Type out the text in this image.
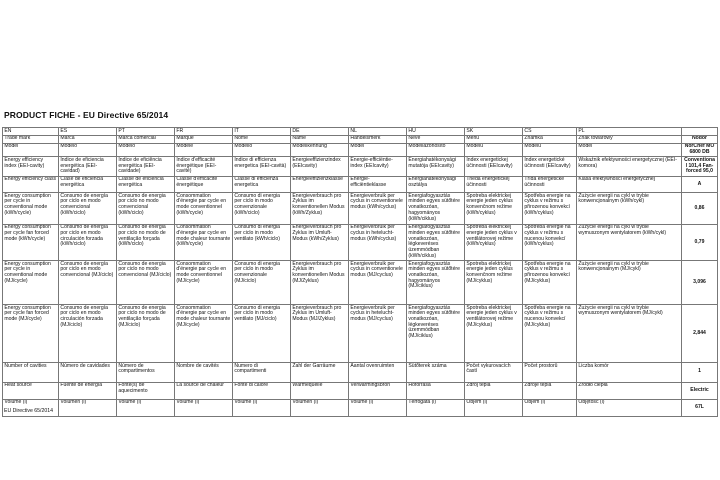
PRODUCT FICHE - EU Directive 65/2014
EN	ES	PT	FR	IT	DE	NL	HU	SK	CS	PL	
Trade mark	Marca	Marca comercial	Marque	Nome	Name	Handelsmerk	Nevé	Menú	Známka	Znak towarowy	Nodor
Model	Modelo	Modelo	Modèle	Modello	Modellkennung	Model	Modellazonosító	Modelu	Modelu	Model	NorChef MO 6800 DB
Energy efficiency index (EEI-cavity)	Índice de eficiencia energética (EEI-cavidad)	Índice de eficiência energética (EEI-cavidade)	Indice d'efficacité énergétique (EEI-cavité)	Indice di efficienza energetica (EEI-cavità)	Energieeffizienzindex (EEIcavity)	Energie-efficiëntie-index (EEIcavity)	Energiahatékonysági mutatója (EEIcavity)	Index energetickej účinnosti (EEIcavity)	Index energetické účinnosti (EEIcavity)	Wskaźnik efektywności energetycznej (EEI-komora)	Conventional 101,4 Fan-forced 95,0
Energy efficiency class	Clase de eficiencia energética	Classe de eficiência energética	Classe d'efficacité énergétique	Classe di efficienza energetica	Energieeffizienzklasse	Energie-efficiëntieklasse	Energiahatékonysági osztálya	Trieda energetickej účinnosti	Třída energetické účinnosti	Klasa efektywności energetycznej	A
Energy consumption per cycle in conventional mode (kWh/cycle)	Consumo de energía por ciclo en modo convencional (kWh/ciclo)	Consumo de energia por ciclo no modo convencional (kWh/ciclo)	Consommation d'énergie par cycle en mode conventionnel (kWh/cycle)	Consumo di energia per ciclo in modo convenzionale (kWh/ciclo)	Energieverbrauch pro Zyklus im konventionellen Modus (kWh/Zyklus)	Energieverbruik per cyclus in conventionele modus (kWh/cyclus)	Energiafogyasztás minden egyes sütőtére vonatkozóan, hagyományos (kWh/ciklus)	Spotreba elektrickej energie jeden cyklus konvenčnom režime (kWh/cyklus)	Spotřeba energie na cyklus v režimu s přirozenou konvekcí (kWh/cyklus)	Zużycie energii na cykl w trybie konwencjonalnym (kWh/cykl)	0,86
Energy consumption per cycle fan forced mode (kWh/cycle)	Consumo de energía por ciclo en modo circulación forzada (kWh/ciclo)	Consumo de energia por ciclo no modo de ventilação forçada (kWh/ciclo)	Consommation d'énergie par cycle en mode chaleur tournante (kWh/cycle)	Consumo di energia per ciclo in modo ventilato (kWh/ciclo)	Energieverbrauch pro Zyklus im Umluft-Modus (kWh/Zyklus)	Energieverbruik per cyclus in hetelucht-modus (kWh/cyclus)	Energiafogyasztás minden egyes sütőtére vonatkozóan, légkeveréses üzemmódban (kWh/ciklus)	Spotreba elektrickej energie jeden cyklus v ventilátorovej režime (kWh/cyklus)	Spotřeba energie na cyklus v režimu s nucenou konvekcí (kWh/cyklus)	Zużycie energii na cykl w trybie wymuszonym wentylatorem (kWh/cykl)	0,79
Energy consumption per cycle in conventional mode (MJ/cycle)	Consumo de energía por ciclo en modo convencional (MJ/ciclo)	Consumo de energia por ciclo no modo convencional (MJ/ciclo)	Consommation d'énergie par cycle en mode conventionnel (MJ/cycle)	Consumo di energia per ciclo in modo convenzionale (MJ/ciclo)	Energieverbrauch pro Zyklus im konventionellen Modus (MJ/Zyklus)	Energieverbruik per cyclus in conventionele modus (MJ/cyclus)	Energiafogyasztás minden egyes sütőtére vonatkozóan, hagyományos (MJ/ciklus)	Spotreba elektrickej energie jeden cyklus konvenčnom režime (MJ/cyklus)	Spotřeba energie na cyklus v režimu s přirozenou konvekcí (MJ/cyklus)	Zużycie energii na cykl w trybie konwencjonalnym (MJ/cykl)	3,096
Energy consumption per cycle fan forced mode (MJ/cycle)	Consumo de energía por ciclo en modo circulación forzada (MJ/ciclo)	Consumo de energia por ciclo no modo de ventilação forçada (MJ/ciclo)	Consommation d'énergie par cycle en mode chaleur tournante (MJ/cycle)	Consumo di energia per ciclo in modo ventilato (MJ/ciclo)	Energieverbrauch pro Zyklus im Umluft-Modus (MJ/Zyklus)	Energieverbruik per cyclus in hetelucht-modus (MJ/cyclus)	Energiafogyasztás minden egyes sütőtére vonatkozóan, légkeveréses üzemmódban (MJ/ciklus)	Spotreba elektrickej energie jeden cyklus v ventilátorovej režime (MJ/cyklus)	Spotřeba energie na cyklus v režimu s nucenou konvekcí (MJ/cyklus)	Zużycie energii na cykl w trybie wymuszonym wentylatorem (MJ/cykl)	2,844
Number of cavities	Número de cavidades	Número de compartimentos	Nombre de cavités	Numero di compartimenti	Zahl der Garräume	Aantal ovenruimten	Sütőterek száma	Počet vykurovacích častí	Počet prostorů	Liczba komór	1
Heat source	Fuente de energía	Fonte(s) de aquecimento	La source de chaleur	Fonte di calore	Wärmequelle	Verwarmingsbron	Hőforrása	Zdroj tepla	Zdroje tepla	Źródło ciepła	Electric
Volume (l)	Volumen (l)	Volume (l)	Volume (l)	Volume (l)	Volumen (l)	Volume (l)	Térfogata (l)	Objem (l)	Objem (l)	Objętość (l)	67L
EU Directive 65/2014
